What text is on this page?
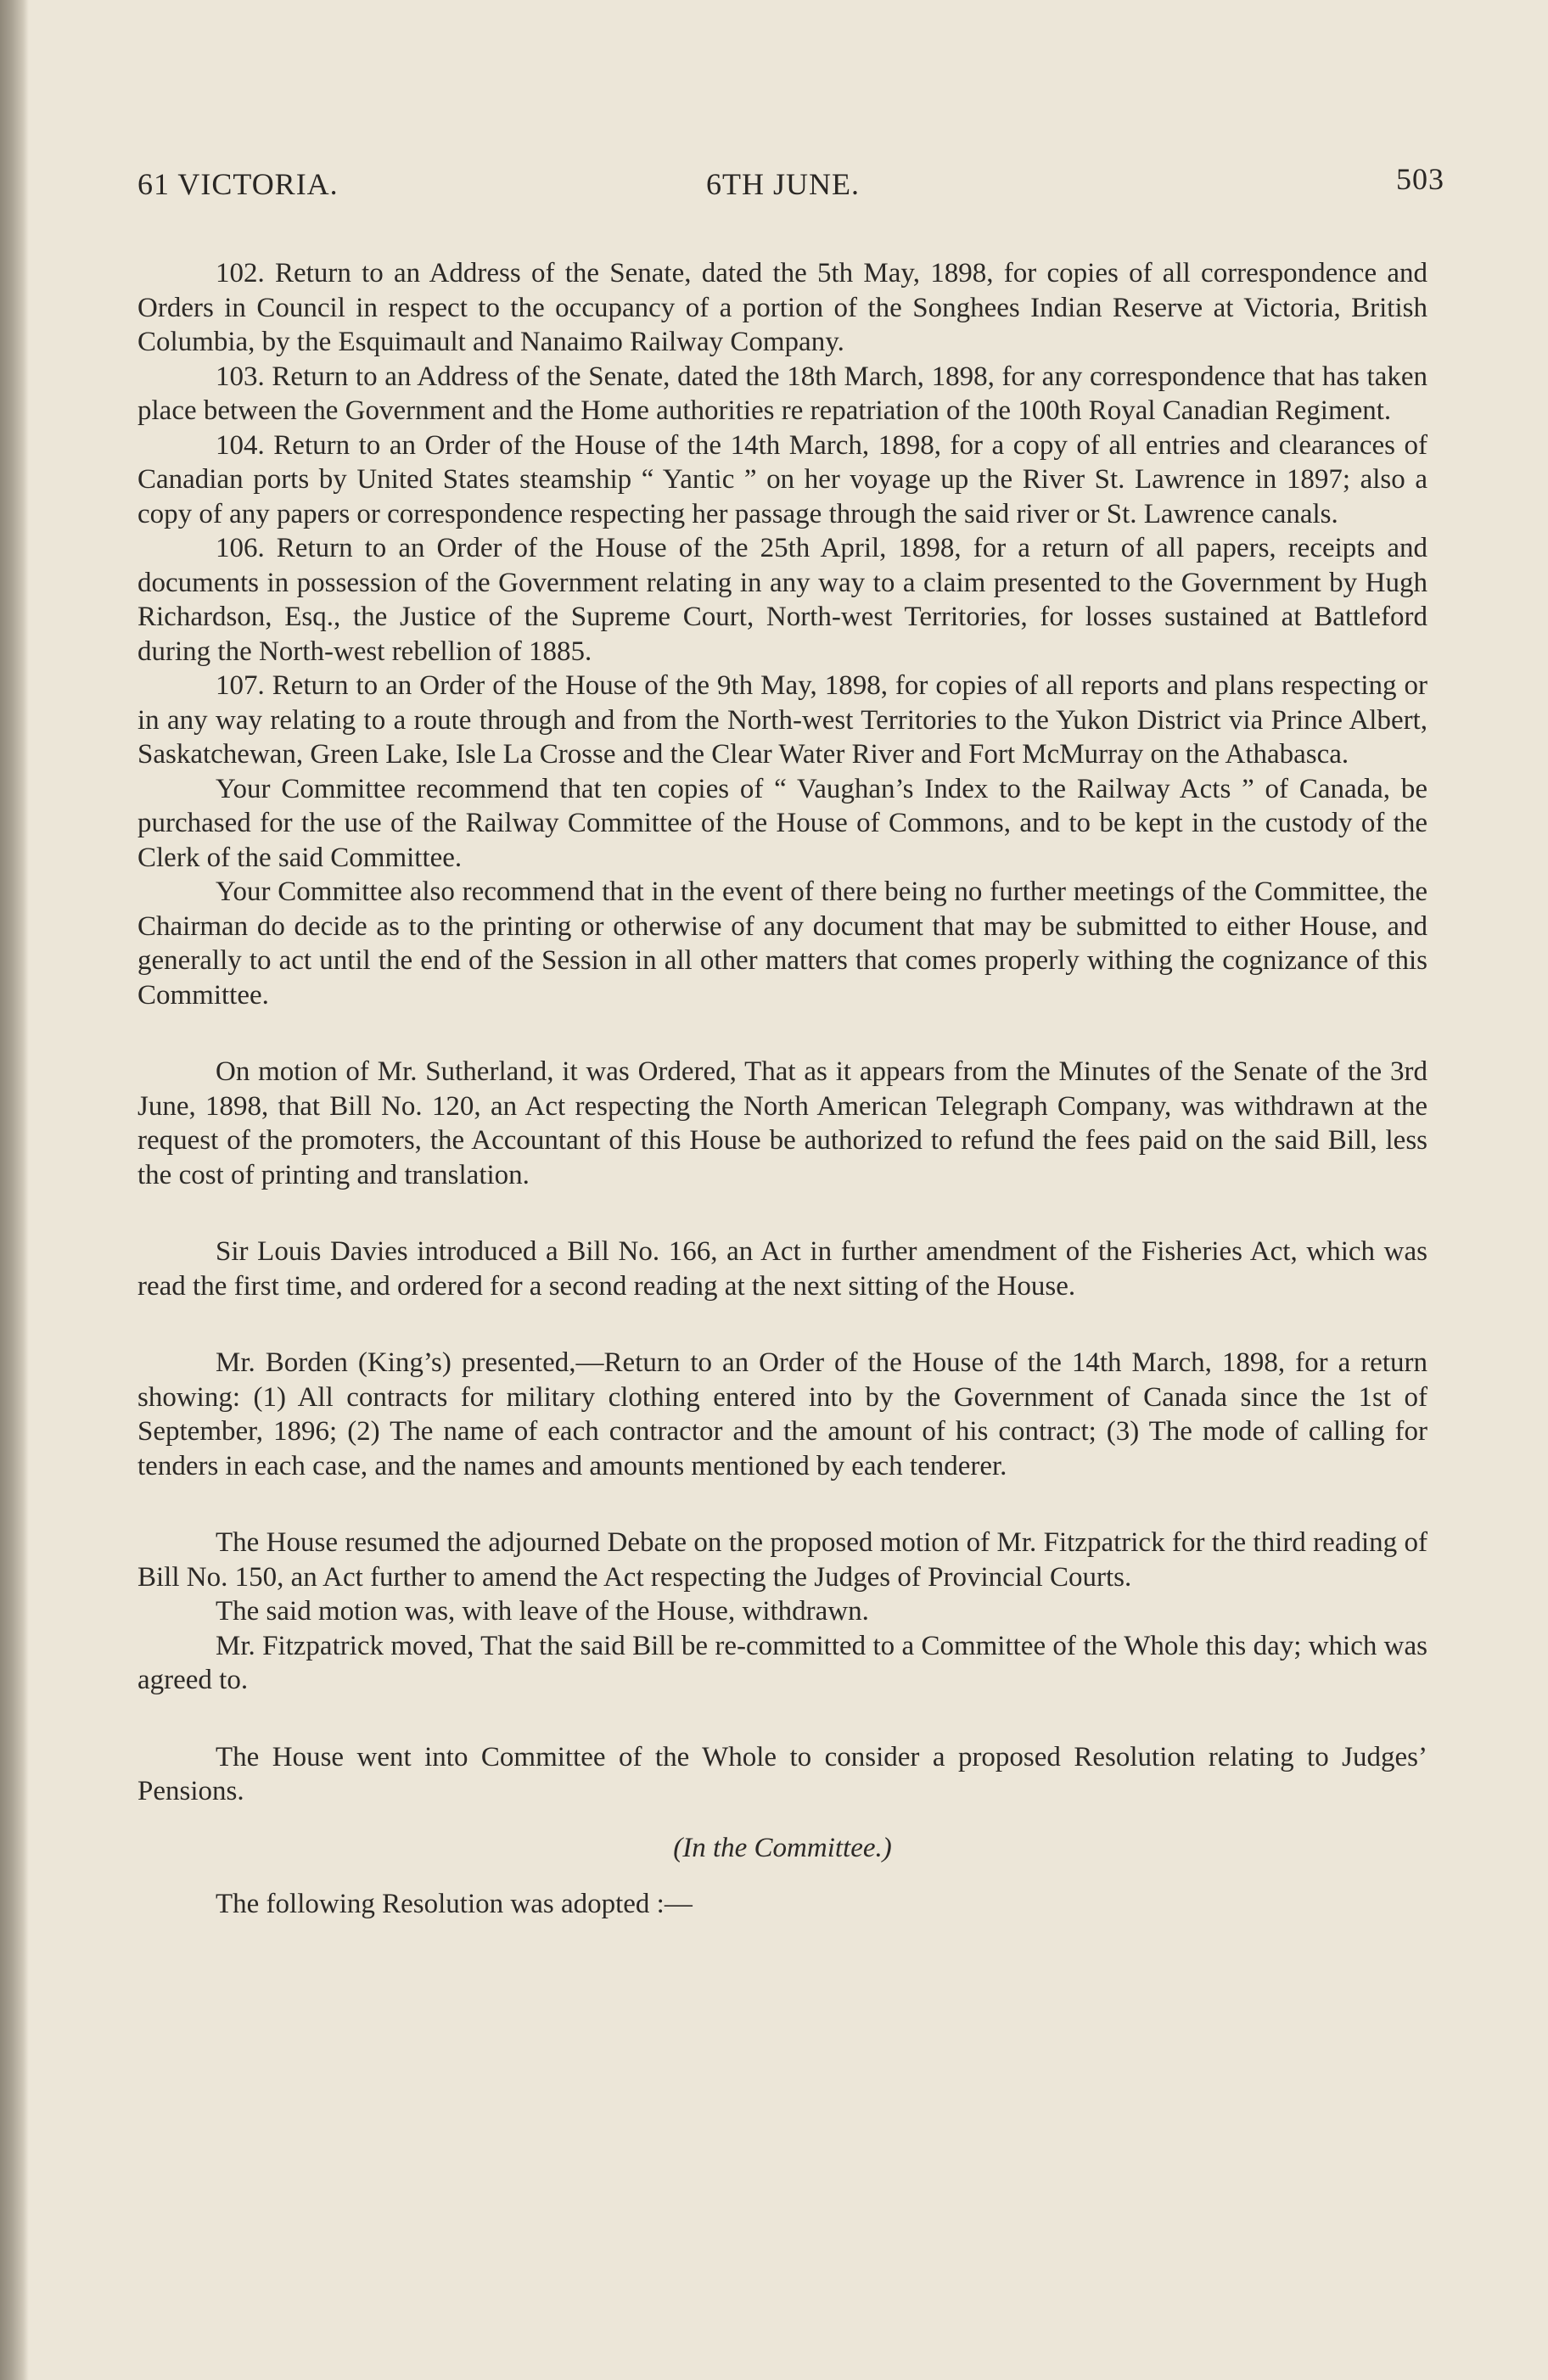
61 VICTORIA.	6TH JUNE.	503

102. Return to an Address of the Senate, dated the 5th May, 1898, for copies of all correspondence and Orders in Council in respect to the occupancy of a portion of the Songhees Indian Reserve at Victoria, British Columbia, by the Esquimault and Nanaimo Railway Company.

103. Return to an Address of the Senate, dated the 18th March, 1898, for any correspondence that has taken place between the Government and the Home authorities re repatriation of the 100th Royal Canadian Regiment.

104. Return to an Order of the House of the 14th March, 1898, for a copy of all entries and clearances of Canadian ports by United States steamship “ Yantic ” on her voyage up the River St. Lawrence in 1897; also a copy of any papers or correspondence respecting her passage through the said river or St. Lawrence canals.

106. Return to an Order of the House of the 25th April, 1898, for a return of all papers, receipts and documents in possession of the Government relating in any way to a claim presented to the Government by Hugh Richardson, Esq., the Justice of the Supreme Court, North-west Territories, for losses sustained at Battleford during the North-west rebellion of 1885.

107. Return to an Order of the House of the 9th May, 1898, for copies of all reports and plans respecting or in any way relating to a route through and from the North-west Territories to the Yukon District via Prince Albert, Saskatchewan, Green Lake, Isle La Crosse and the Clear Water River and Fort McMurray on the Athabasca.

Your Committee recommend that ten copies of “ Vaughan’s Index to the Railway Acts ” of Canada, be purchased for the use of the Railway Committee of the House of Commons, and to be kept in the custody of the Clerk of the said Committee.

Your Committee also recommend that in the event of there being no further meetings of the Committee, the Chairman do decide as to the printing or otherwise of any document that may be submitted to either House, and generally to act until the end of the Session in all other matters that comes properly withing the cognizance of this Committee.

On motion of Mr. Sutherland, it was Ordered, That as it appears from the Minutes of the Senate of the 3rd June, 1898, that Bill No. 120, an Act respecting the North American Telegraph Company, was withdrawn at the request of the promoters, the Accountant of this House be authorized to refund the fees paid on the said Bill, less the cost of printing and translation.

Sir Louis Davies introduced a Bill No. 166, an Act in further amendment of the Fisheries Act, which was read the first time, and ordered for a second reading at the next sitting of the House.

Mr. Borden (King’s) presented,—Return to an Order of the House of the 14th March, 1898, for a return showing: (1) All contracts for military clothing entered into by the Government of Canada since the 1st of September, 1896; (2) The name of each contractor and the amount of his contract; (3) The mode of calling for tenders in each case, and the names and amounts mentioned by each tenderer.

The House resumed the adjourned Debate on the proposed motion of Mr. Fitzpatrick for the third reading of Bill No. 150, an Act further to amend the Act respecting the Judges of Provincial Courts.

The said motion was, with leave of the House, withdrawn.

Mr. Fitzpatrick moved, That the said Bill be re-committed to a Committee of the Whole this day; which was agreed to.

The House went into Committee of the Whole to consider a proposed Resolution relating to Judges’ Pensions.

(In the Committee.)

The following Resolution was adopted :—
